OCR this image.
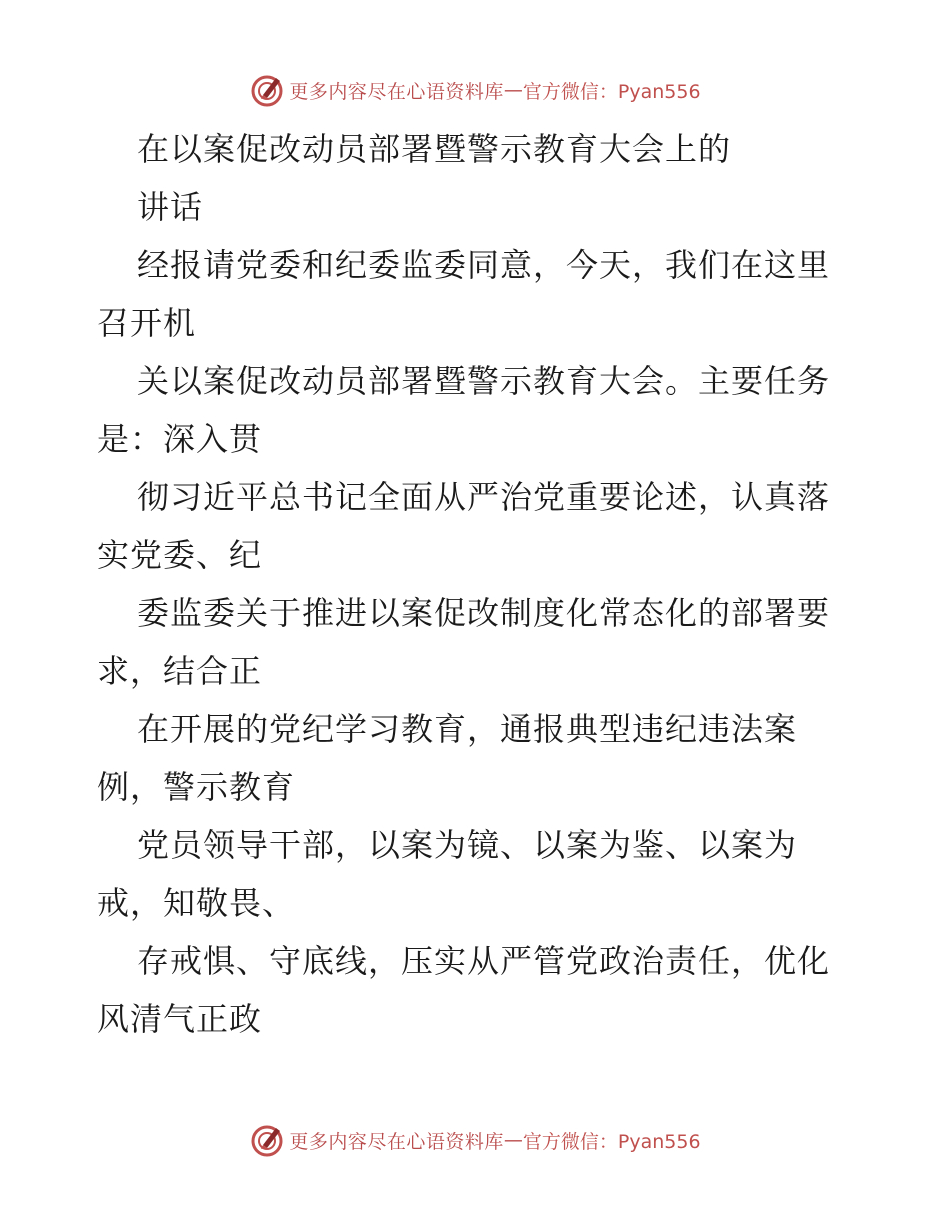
更多内容尽在心语资料库 — 官方微信：Pyan556
在以案促改动员部署暨警示教育大会上的
讲话
经报请党委和纪委监委同意，今天，我们在这里
召开机
关以案促改动员部署暨警示教育大会。主要任务
是：深入贯
彻习近平总书记全面从严治党重要论述，认真落
实党委、纪
委监委关于推进以案促改制度化常态化的部署要
求，结合正
在开展的党纪学习教育，通报典型违纪违法案
例，警示教育
党员领导干部，以案为镜、以案为鉴、以案为
戒，知敬畏、
存戒惧、守底线，压实从严管党政治责任，优化
风清气正政
更多内容尽在心语资料库 — 官方微信：Pyan556
